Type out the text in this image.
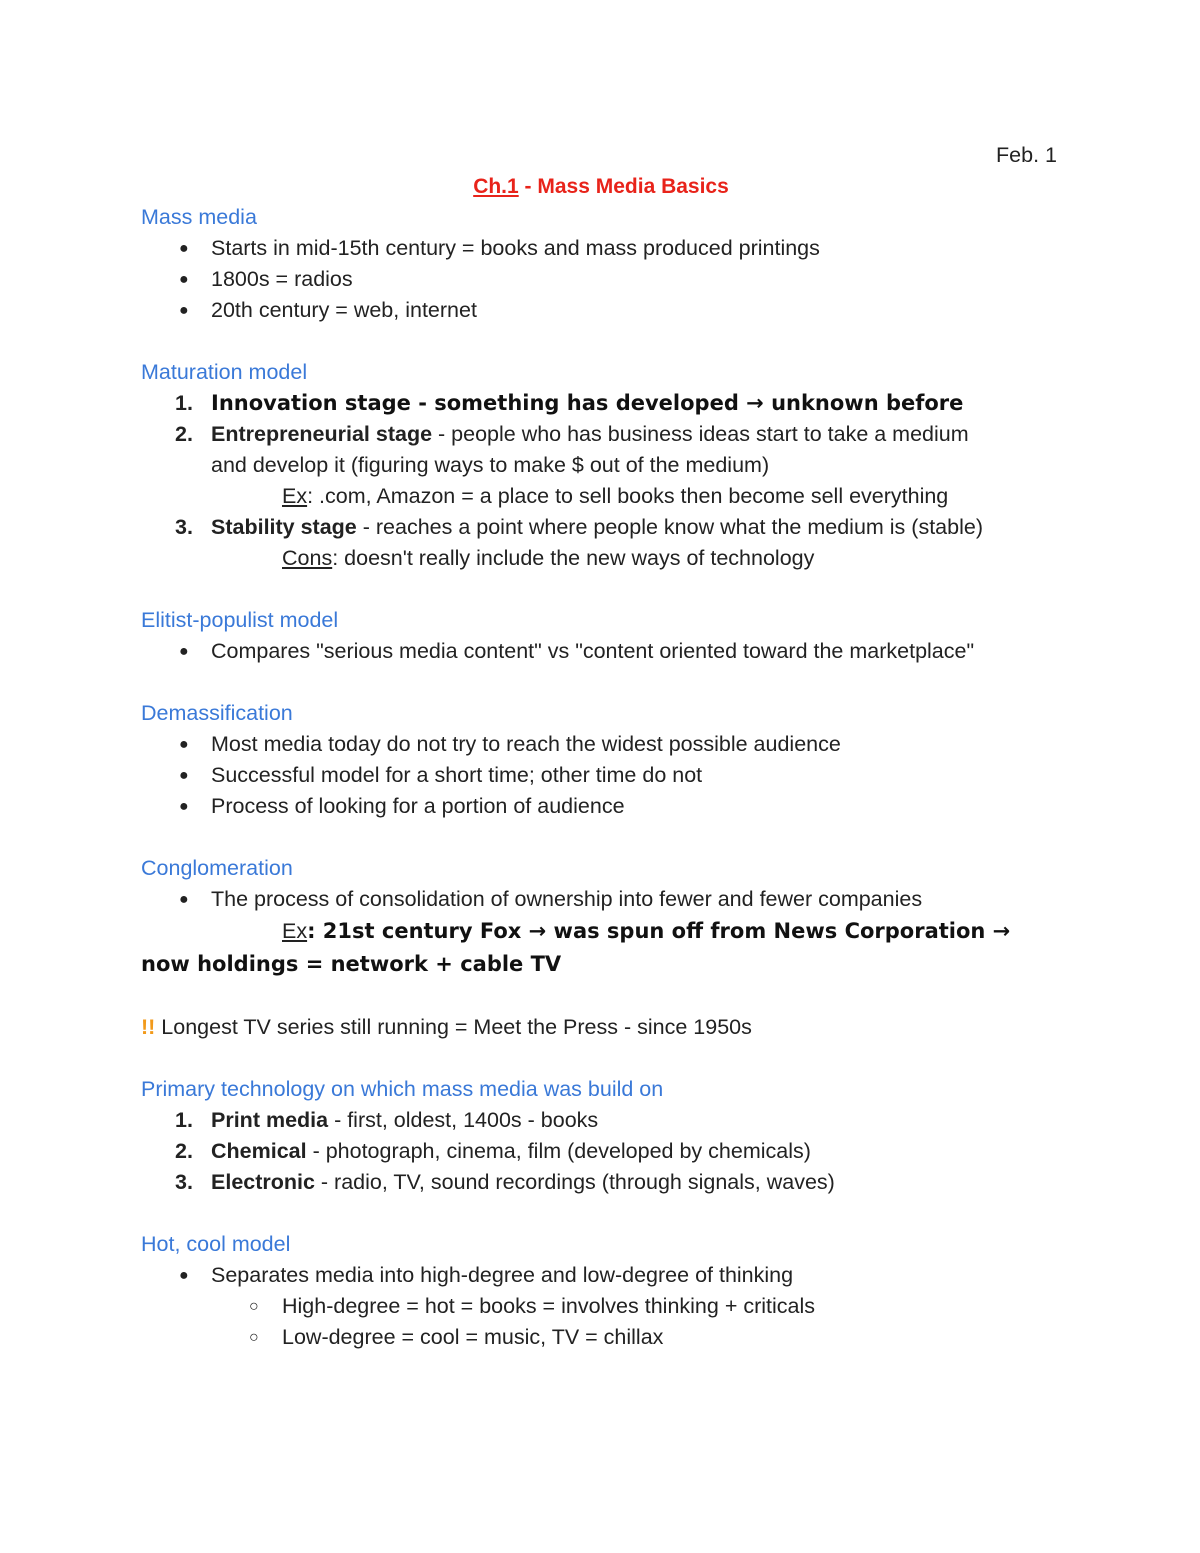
Feb. 1
Ch.1 - Mass Media Basics
Mass media
● Starts in mid-15th century = books and mass produced printings
● 1800s = radios
● 20th century = web, internet
Maturation model
1. Innovation stage - something has developed → unknown before
2. Entrepreneurial stage - people who has business ideas start to take a medium
and develop it (figuring ways to make $ out of the medium)
Ex: .com, Amazon = a place to sell books then become sell everything
3. Stability stage - reaches a point where people know what the medium is (stable)
Cons: doesn't really include the new ways of technology
Elitist-populist model
● Compares "serious media content" vs "content oriented toward the marketplace"
Demassification
● Most media today do not try to reach the widest possible audience
● Successful model for a short time; other time do not
● Process of looking for a portion of audience
Conglomeration
● The process of consolidation of ownership into fewer and fewer companies
Ex: 21st century Fox → was spun off from News Corporation →
now holdings = network + cable TV
!! Longest TV series still running = Meet the Press - since 1950s
Primary technology on which mass media was build on
1. Print media - first, oldest, 1400s - books
2. Chemical - photograph, cinema, film (developed by chemicals)
3. Electronic - radio, TV, sound recordings (through signals, waves)
Hot, cool model
● Separates media into high-degree and low-degree of thinking
○ High-degree = hot = books = involves thinking + criticals
○ Low-degree = cool = music, TV = chillax
